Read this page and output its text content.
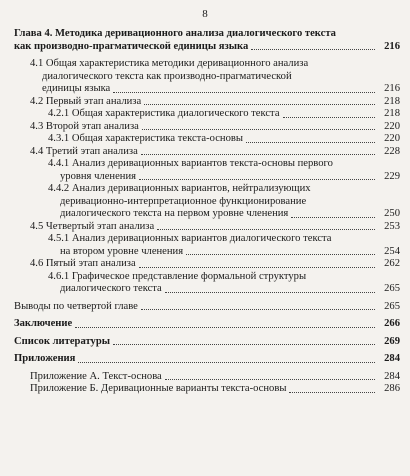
8
Глава 4. Методика деривационного анализа диалогического текста
как производно-прагматической единицы языка	216
4.1 Общая характеристика методики деривационного анализа
диалогического текста как производно-прагматической
единицы языка	216
4.2 Первый этап анализа	218
4.2.1 Общая характеристика диалогического текста	218
4.3 Второй этап анализа	220
4.3.1 Общая характеристика текста-основы	220
4.4 Третий этап анализа	228
4.4.1 Анализ деривационных вариантов текста-основы первого
уровня членения	229
4.4.2 Анализ деривационных вариантов, нейтрализующих
деривационно-интерпретационное функционирование
диалогического текста на первом уровне членения	250
4.5 Четвертый этап анализа	253
4.5.1 Анализ деривационных вариантов диалогического текста
на втором уровне членения	254
4.6 Пятый этап анализа	262
4.6.1 Графическое представление формальной структуры
диалогического текста	265
Выводы по четвертой главе	265
Заключение	266
Список литературы	269
Приложения	284
Приложение А. Текст-основа	284
Приложение Б. Деривационные варианты текста-основы	286
